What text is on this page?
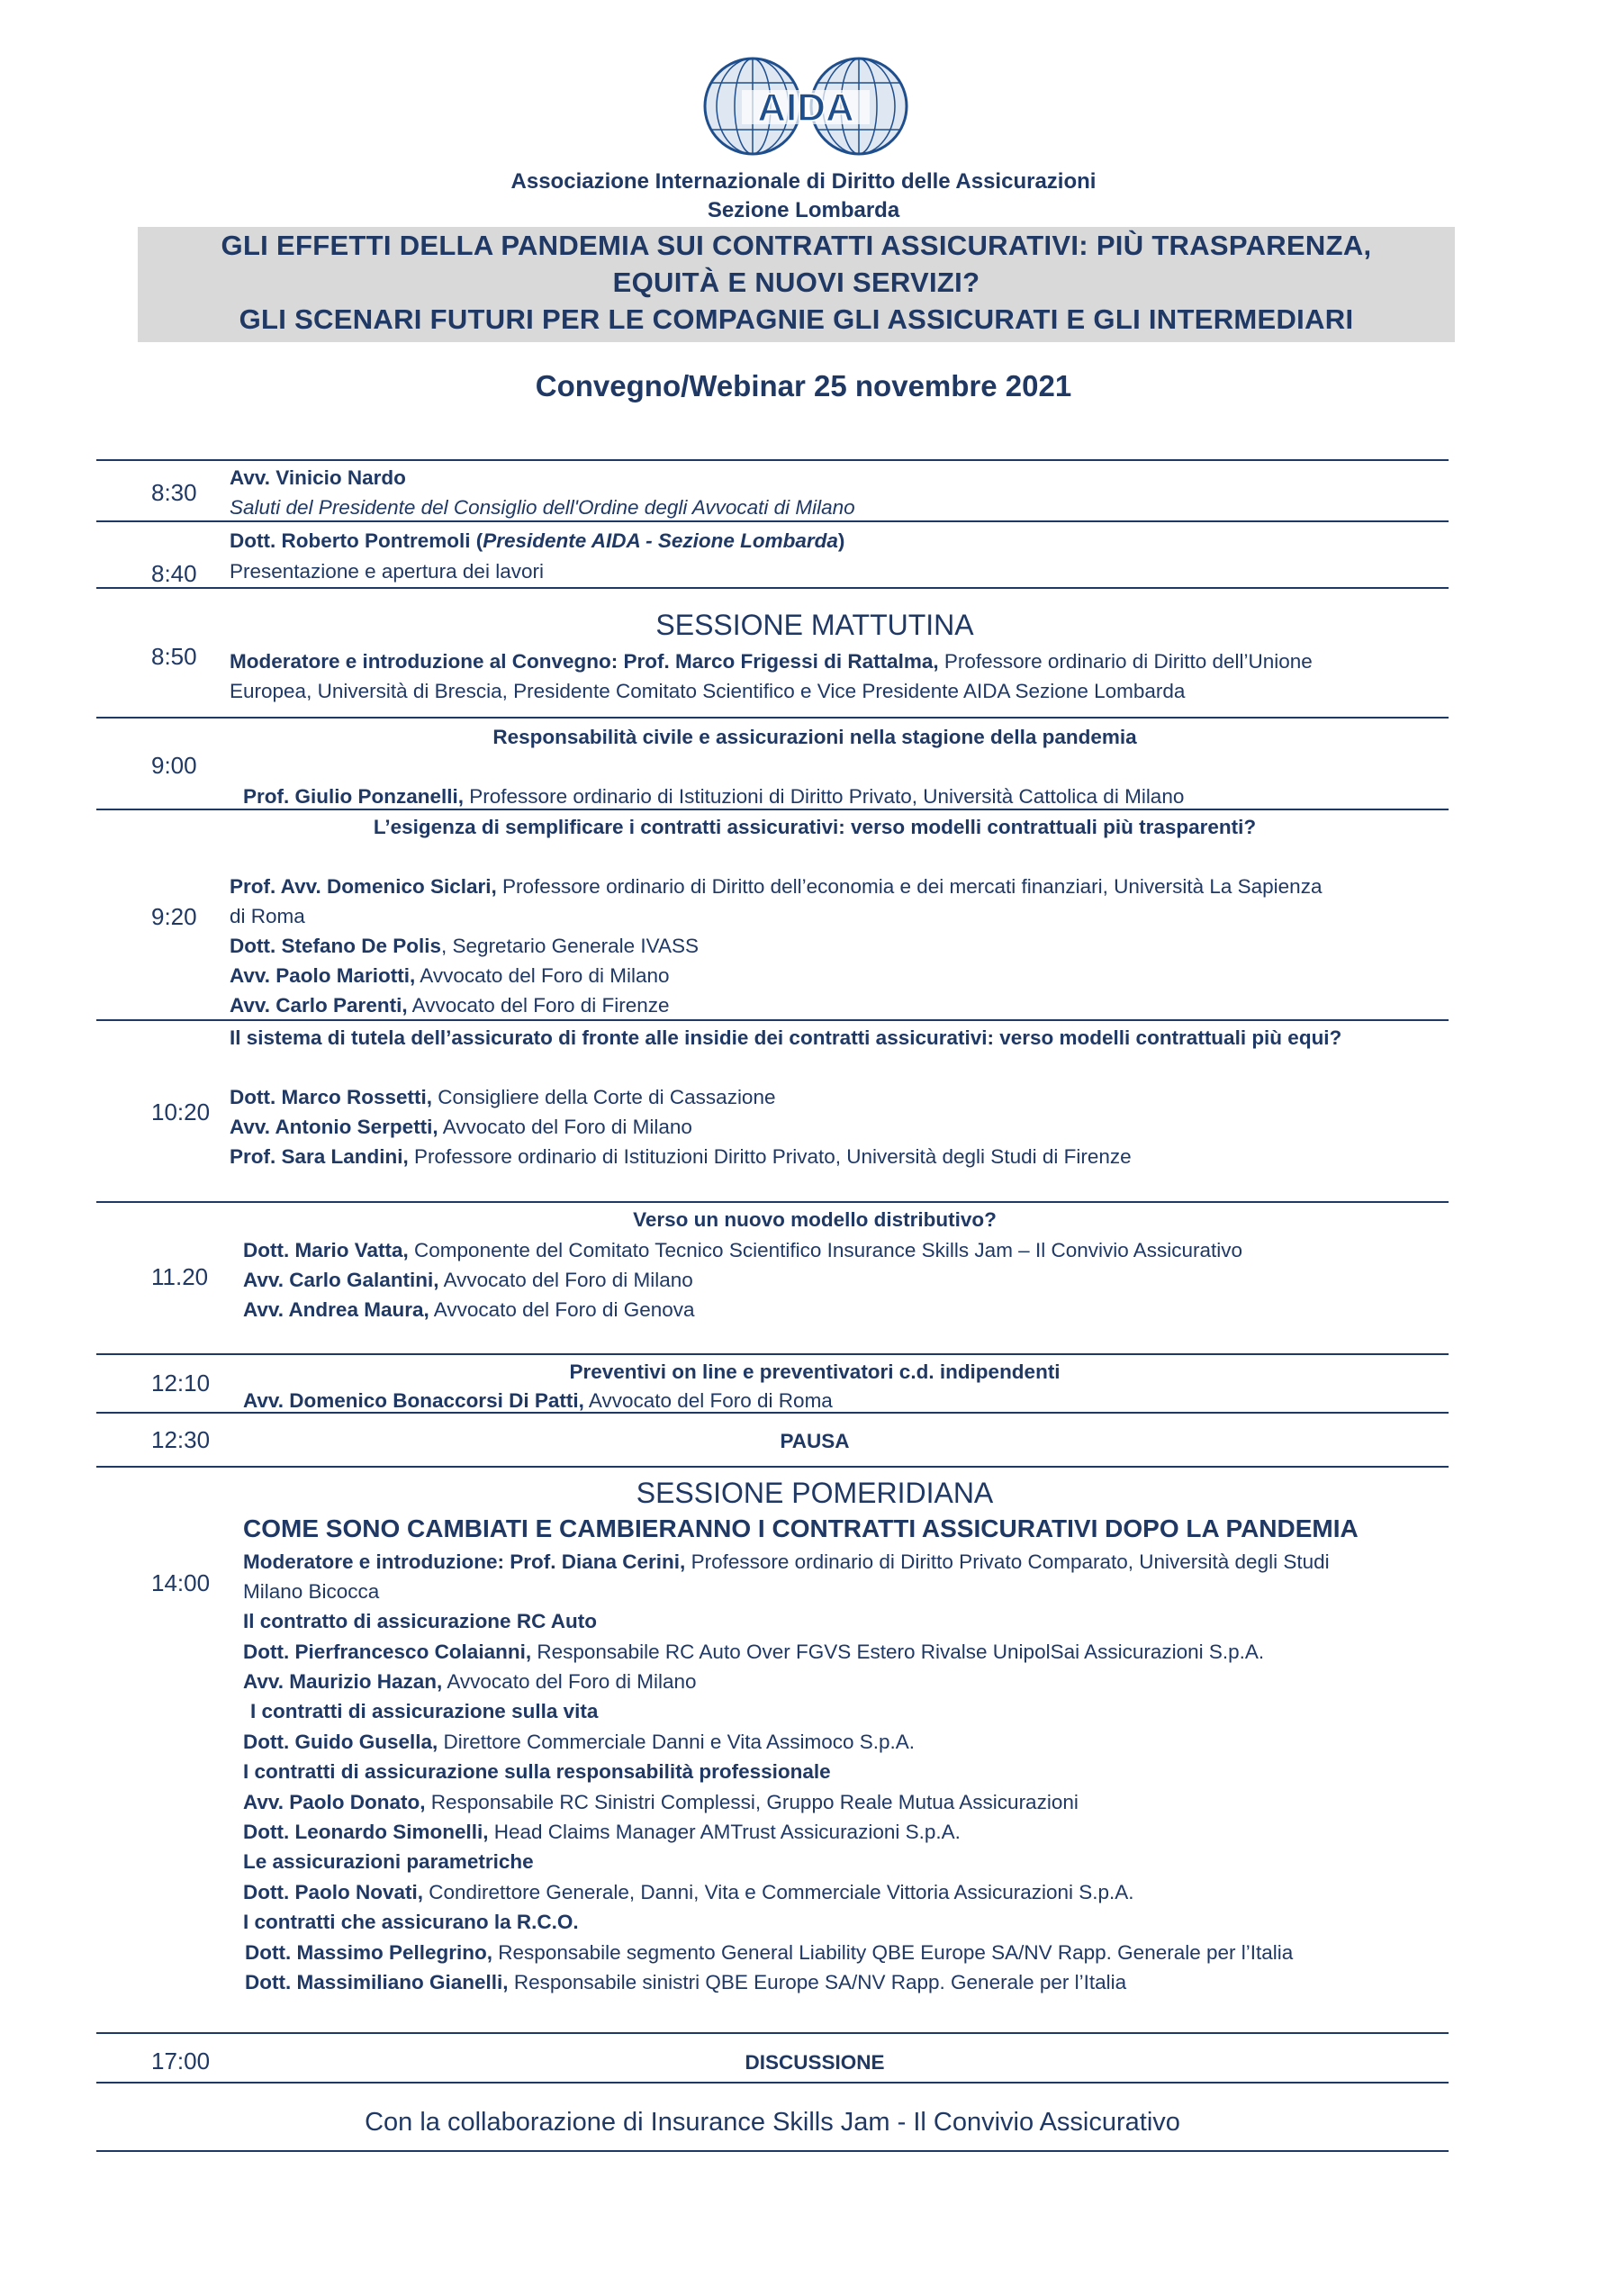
AIDA
Associazione Internazionale di Diritto delle Assicurazioni
Sezione Lombarda
GLI EFFETTI DELLA PANDEMIA SUI CONTRATTI ASSICURATIVI: PIÙ TRASPARENZA,
EQUITÀ E NUOVI SERVIZI?
GLI SCENARI FUTURI PER LE COMPAGNIE GLI ASSICURATI E GLI INTERMEDIARI
Convegno/Webinar 25 novembre 2021
8:30
8:40
8:50
9:00
9:20
10:20
11.20
12:10
12:30
14:00
17:00
Avv. Vinicio Nardo
Saluti del Presidente del Consiglio dell'Ordine degli Avvocati di Milano
Dott. Roberto Pontremoli (Presidente AIDA - Sezione Lombarda)
Presentazione e apertura dei lavori
SESSIONE MATTUTINA
Moderatore e introduzione al Convegno: Prof. Marco Frigessi di Rattalma, Professore ordinario di Diritto dell’Unione
Europea, Università di Brescia, Presidente Comitato Scientifico e Vice Presidente AIDA Sezione Lombarda
Responsabilità civile e assicurazioni nella stagione della pandemia
Prof. Giulio Ponzanelli, Professore ordinario di Istituzioni di Diritto Privato, Università Cattolica di Milano
L’esigenza di semplificare i contratti assicurativi: verso modelli contrattuali più trasparenti?
Prof. Avv. Domenico Siclari, Professore ordinario di Diritto dell’economia e dei mercati finanziari, Università La Sapienza
di Roma
Dott. Stefano De Polis, Segretario Generale IVASS
Avv. Paolo Mariotti, Avvocato del Foro di Milano
Avv. Carlo Parenti, Avvocato del Foro di Firenze
Il sistema di tutela dell’assicurato di fronte alle insidie dei contratti assicurativi: verso modelli contrattuali più equi?
Dott. Marco Rossetti, Consigliere della Corte di Cassazione
Avv. Antonio Serpetti, Avvocato del Foro di Milano
Prof. Sara Landini, Professore ordinario di Istituzioni Diritto Privato, Università degli Studi di Firenze
Verso un nuovo modello distributivo?
Dott. Mario Vatta, Componente del Comitato Tecnico Scientifico Insurance Skills Jam – Il Convivio Assicurativo
Avv. Carlo Galantini, Avvocato del Foro di Milano
Avv. Andrea Maura, Avvocato del Foro di Genova
Preventivi on line e preventivatori c.d. indipendenti
Avv. Domenico Bonaccorsi Di Patti, Avvocato del Foro di Roma
PAUSA
SESSIONE POMERIDIANA
COME SONO CAMBIATI E CAMBIERANNO I CONTRATTI ASSICURATIVI DOPO LA PANDEMIA
Moderatore e introduzione: Prof. Diana Cerini, Professore ordinario di Diritto Privato Comparato, Università degli Studi
Milano Bicocca
Il contratto di assicurazione RC Auto
Dott. Pierfrancesco Colaianni, Responsabile RC Auto Over FGVS Estero Rivalse UnipolSai Assicurazioni S.p.A.
Avv. Maurizio Hazan, Avvocato del Foro di Milano
I contratti di assicurazione sulla vita
Dott. Guido Gusella, Direttore Commerciale Danni e Vita Assimoco S.p.A.
I contratti di assicurazione sulla responsabilità professionale
Avv. Paolo Donato, Responsabile RC Sinistri Complessi, Gruppo Reale Mutua Assicurazioni
Dott. Leonardo Simonelli, Head Claims Manager AMTrust Assicurazioni S.p.A.
Le assicurazioni parametriche
Dott. Paolo Novati, Condirettore Generale, Danni, Vita e Commerciale Vittoria Assicurazioni S.p.A.
I contratti che assicurano la R.C.O.
Dott. Massimo Pellegrino, Responsabile segmento General Liability QBE Europe SA/NV Rapp. Generale per l’Italia
Dott. Massimiliano Gianelli, Responsabile sinistri QBE Europe SA/NV Rapp. Generale per l’Italia
DISCUSSIONE
Con la collaborazione di Insurance Skills Jam - Il Convivio Assicurativo
